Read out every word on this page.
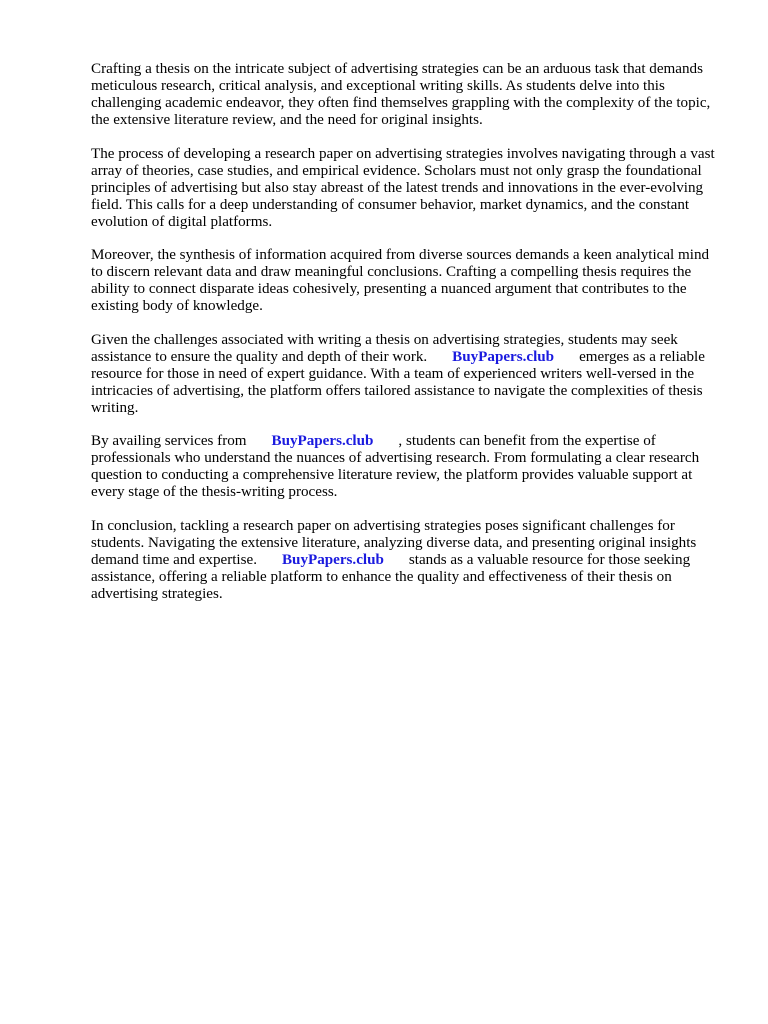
Crafting a thesis on the intricate subject of advertising strategies can be an arduous task that demands meticulous research, critical analysis, and exceptional writing skills. As students delve into this challenging academic endeavor, they often find themselves grappling with the complexity of the topic, the extensive literature review, and the need for original insights.

The process of developing a research paper on advertising strategies involves navigating through a vast array of theories, case studies, and empirical evidence. Scholars must not only grasp the foundational principles of advertising but also stay abreast of the latest trends and innovations in the ever-evolving field. This calls for a deep understanding of consumer behavior, market dynamics, and the constant evolution of digital platforms.

Moreover, the synthesis of information acquired from diverse sources demands a keen analytical mind to discern relevant data and draw meaningful conclusions. Crafting a compelling thesis requires the ability to connect disparate ideas cohesively, presenting a nuanced argument that contributes to the existing body of knowledge.

Given the challenges associated with writing a thesis on advertising strategies, students may seek assistance to ensure the quality and depth of their work. BuyPapers.club emerges as a reliable resource for those in need of expert guidance. With a team of experienced writers well-versed in the intricacies of advertising, the platform offers tailored assistance to navigate the complexities of thesis writing.

By availing services from BuyPapers.club , students can benefit from the expertise of professionals who understand the nuances of advertising research. From formulating a clear research question to conducting a comprehensive literature review, the platform provides valuable support at every stage of the thesis-writing process.

In conclusion, tackling a research paper on advertising strategies poses significant challenges for students. Navigating the extensive literature, analyzing diverse data, and presenting original insights demand time and expertise. BuyPapers.club stands as a valuable resource for those seeking assistance, offering a reliable platform to enhance the quality and effectiveness of their thesis on advertising strategies.
